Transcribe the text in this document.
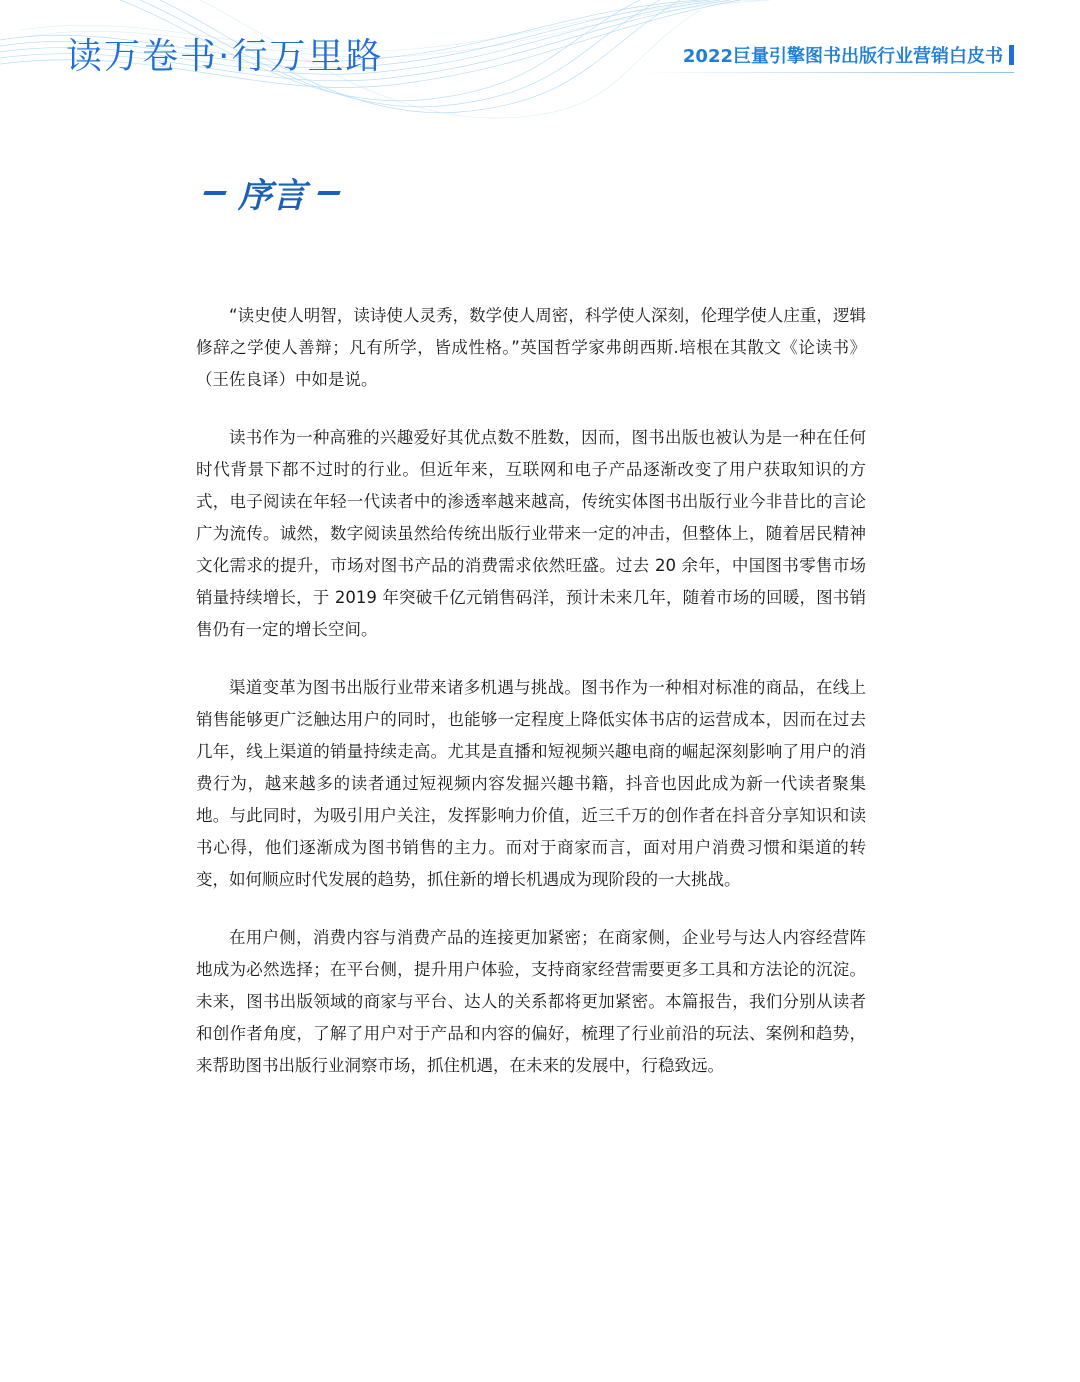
读万卷书·行万里路	2022巨量引擎图书出版行业营销白皮书
序言

“读史使人明智，读诗使人灵秀，数学使人周密，科学使人深刻，伦理学使人庄重，逻辑修辞之学使人善辩；凡有所学，皆成性格。”英国哲学家弗朗西斯.培根在其散文《论读书》（王佐良译）中如是说。

读书作为一种高雅的兴趣爱好其优点数不胜数，因而，图书出版也被认为是一种在任何时代背景下都不过时的行业。但近年来，互联网和电子产品逐渐改变了用户获取知识的方式，电子阅读在年轻一代读者中的渗透率越来越高，传统实体图书出版行业今非昔比的言论广为流传。诚然，数字阅读虽然给传统出版行业带来一定的冲击，但整体上，随着居民精神文化需求的提升，市场对图书产品的消费需求依然旺盛。过去 20 余年，中国图书零售市场销量持续增长，于 2019 年突破千亿元销售码洋，预计未来几年，随着市场的回暖，图书销售仍有一定的增长空间。

渠道变革为图书出版行业带来诸多机遇与挑战。图书作为一种相对标准的商品，在线上销售能够更广泛触达用户的同时，也能够一定程度上降低实体书店的运营成本，因而在过去几年，线上渠道的销量持续走高。尤其是直播和短视频兴趣电商的崛起深刻影响了用户的消费行为，越来越多的读者通过短视频内容发掘兴趣书籍，抖音也因此成为新一代读者聚集地。与此同时，为吸引用户关注，发挥影响力价值，近三千万的创作者在抖音分享知识和读书心得，他们逐渐成为图书销售的主力。而对于商家而言，面对用户消费习惯和渠道的转变，如何顺应时代发展的趋势，抓住新的增长机遇成为现阶段的一大挑战。

在用户侧，消费内容与消费产品的连接更加紧密；在商家侧，企业号与达人内容经营阵地成为必然选择；在平台侧，提升用户体验，支持商家经营需要更多工具和方法论的沉淀。未来，图书出版领域的商家与平台、达人的关系都将更加紧密。本篇报告，我们分别从读者和创作者角度，了解了用户对于产品和内容的偏好，梳理了行业前沿的玩法、案例和趋势，来帮助图书出版行业洞察市场，抓住机遇，在未来的发展中，行稳致远。
